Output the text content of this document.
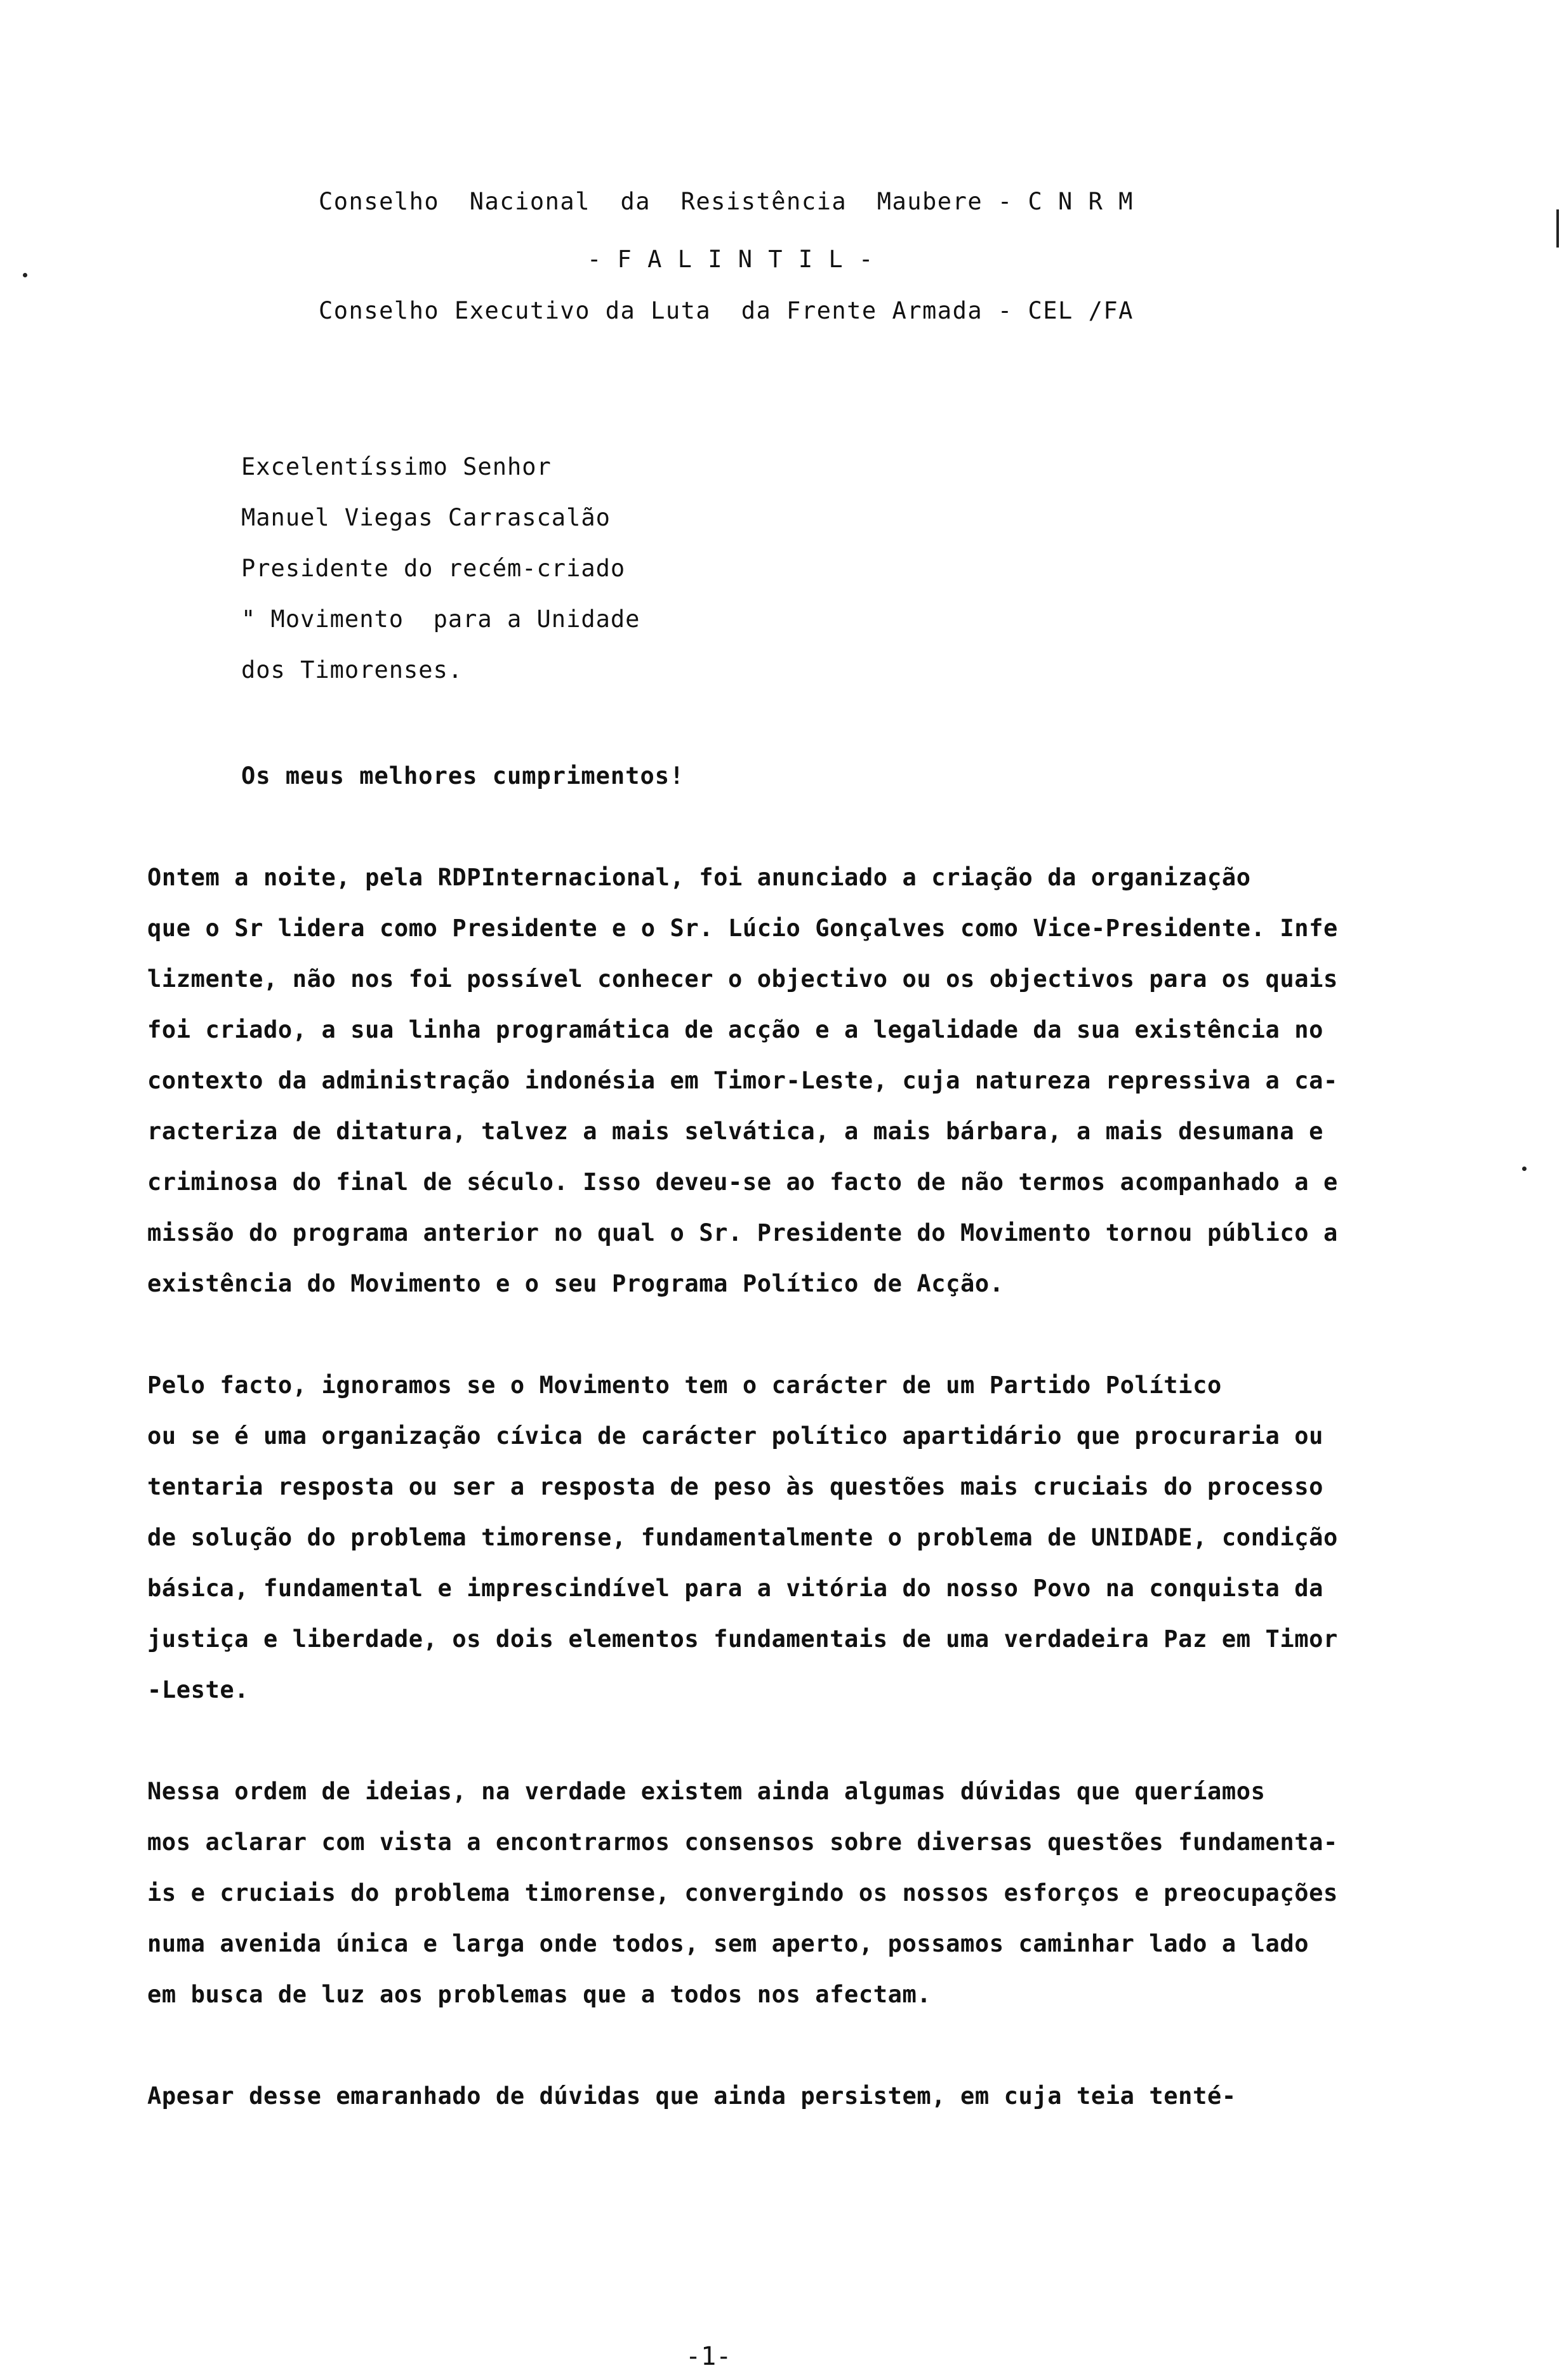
Conselho  Nacional  da  Resistência  Maubere - C N R M
- F A L I N T I L -
Conselho Executivo da Luta  da Frente Armada - CEL /FA
Excelentíssimo Senhor
Manuel Viegas Carrascalão
Presidente do recém-criado
" Movimento  para a Unidade
dos Timorenses.
Os meus melhores cumprimentos!
Ontem a noite, pela RDPInternacional, foi anunciado a criação da organização
que o Sr lidera como Presidente e o Sr. Lúcio Gonçalves como Vice-Presidente. Infe
lizmente, não nos foi possível conhecer o objectivo ou os objectivos para os quais
foi criado, a sua linha programática de acção e a legalidade da sua existência no
contexto da administração indonésia em Timor-Leste, cuja natureza repressiva a ca-
racteriza de ditatura, talvez a mais selvática, a mais bárbara, a mais desumana e
criminosa do final de século. Isso deveu-se ao facto de não termos acompanhado a e
missão do programa anterior no qual o Sr. Presidente do Movimento tornou público a
existência do Movimento e o seu Programa Político de Acção.
Pelo facto, ignoramos se o Movimento tem o carácter de um Partido Político
ou se é uma organização cívica de carácter político apartidário que procuraria ou
tentaria resposta ou ser a resposta de peso às questões mais cruciais do processo
de solução do problema timorense, fundamentalmente o problema de UNIDADE, condição
básica, fundamental e imprescindível para a vitória do nosso Povo na conquista da
justiça e liberdade, os dois elementos fundamentais de uma verdadeira Paz em Timor
-Leste.
Nessa ordem de ideias, na verdade existem ainda algumas dúvidas que queríamos
mos aclarar com vista a encontrarmos consensos sobre diversas questões fundamenta-
is e cruciais do problema timorense, convergindo os nossos esforços e preocupações
numa avenida única e larga onde todos, sem aperto, possamos caminhar lado a lado
em busca de luz aos problemas que a todos nos afectam.
Apesar desse emaranhado de dúvidas que ainda persistem, em cuja teia tenté-
-1-
